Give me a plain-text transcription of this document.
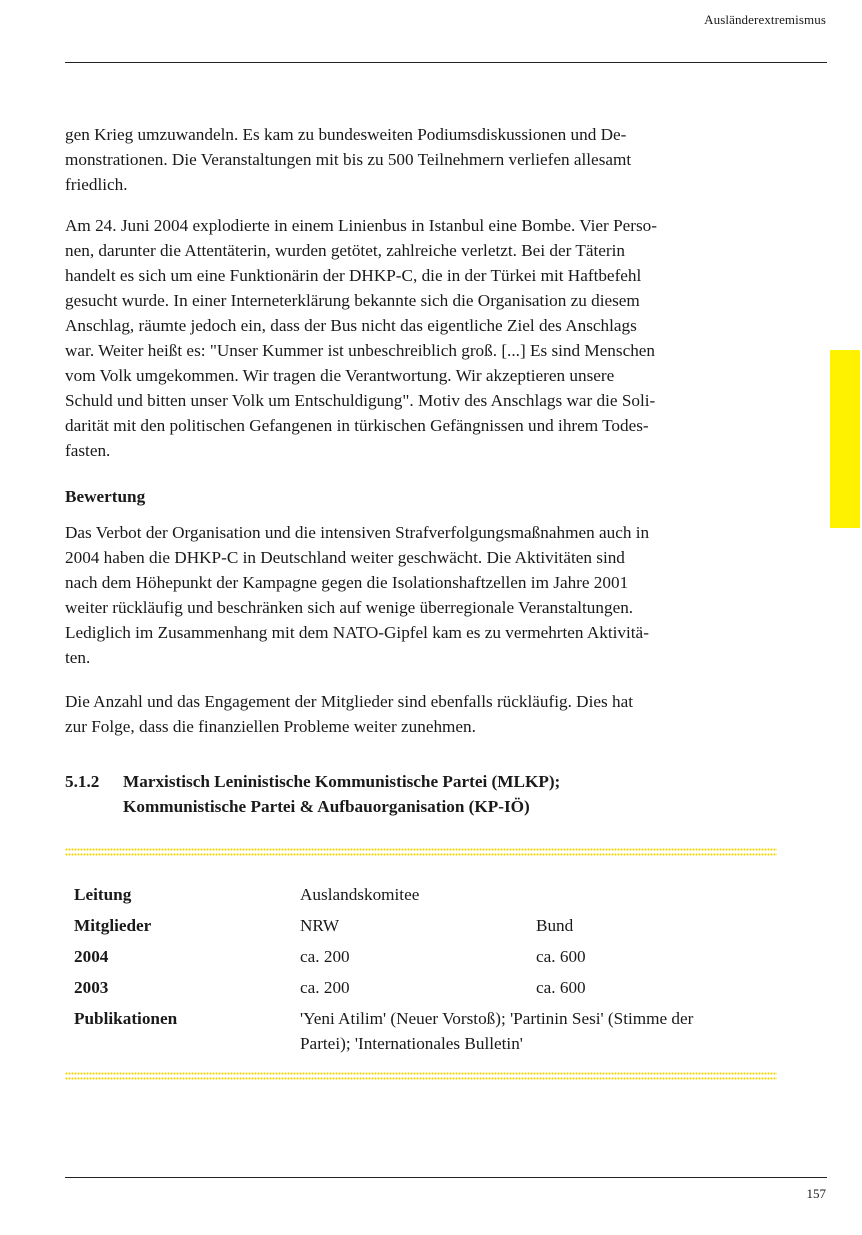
Ausländerextremismus
gen Krieg umzuwandeln. Es kam zu bundesweiten Podiumsdiskussionen und De-
monstrationen. Die Veranstaltungen mit bis zu 500 Teilnehmern verliefen allesamt
friedlich.
Am 24. Juni 2004 explodierte in einem Linienbus in Istanbul eine Bombe. Vier Perso-
nen, darunter die Attentäterin, wurden getötet, zahlreiche verletzt. Bei der Täterin
handelt es sich um eine Funktionärin der DHKP-C, die in der Türkei mit Haftbefehl
gesucht wurde. In einer Interneterklärung bekannte sich die Organisation zu diesem
Anschlag, räumte jedoch ein, dass der Bus nicht das eigentliche Ziel des Anschlags
war. Weiter heißt es: "Unser Kummer ist unbeschreiblich groß. [...] Es sind Menschen
vom Volk umgekommen. Wir tragen die Verantwortung. Wir akzeptieren unsere
Schuld und bitten unser Volk um Entschuldigung". Motiv des Anschlags war die Soli-
darität mit den politischen Gefangenen in türkischen Gefängnissen und ihrem Todes-
fasten.
Bewertung
Das Verbot der Organisation und die intensiven Strafverfolgungsmaßnahmen auch in
2004 haben die DHKP-C in Deutschland weiter geschwächt. Die Aktivitäten sind
nach dem Höhepunkt der Kampagne gegen die Isolationshaftzellen im Jahre 2001
weiter rückläufig und beschränken sich auf wenige überregionale Veranstaltungen.
Lediglich im Zusammenhang mit dem NATO-Gipfel kam es zu vermehrten Aktivitä-
ten.
Die Anzahl und das Engagement der Mitglieder sind ebenfalls rückläufig. Dies hat
zur Folge, dass die finanziellen Probleme weiter zunehmen.
5.1.2 Marxistisch Leninistische Kommunistische Partei (MLKP);
Kommunistische Partei & Aufbauorganisation (KP-IÖ)
Leitung	Auslandskomitee
Mitglieder	NRW	Bund
2004	ca. 200	ca. 600
2003	ca. 200	ca. 600
Publikationen	'Yeni Atilim' (Neuer Vorstoß); 'Partinin Sesi' (Stimme der
Partei); 'Internationales Bulletin'
157
